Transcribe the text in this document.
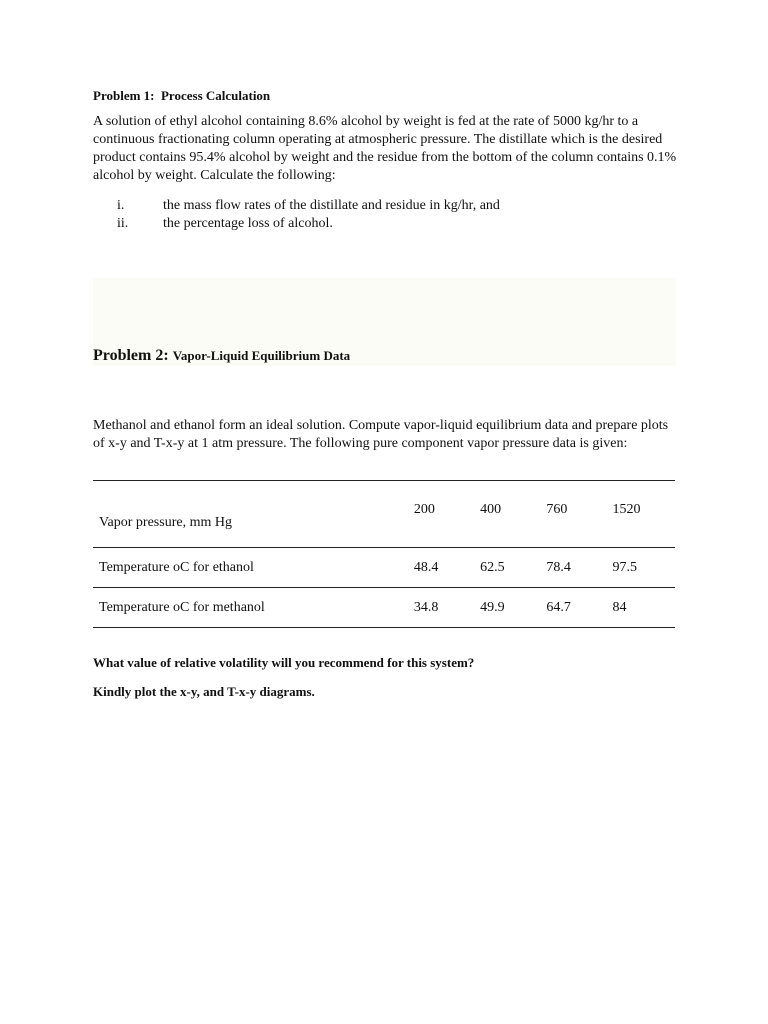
Problem 1:  Process Calculation

A solution of ethyl alcohol containing 8.6% alcohol by weight is fed at the rate of 5000 kg/hr to a continuous fractionating column operating at atmospheric pressure. The distillate which is the desired product contains 95.4% alcohol by weight and the residue from the bottom of the column contains 0.1% alcohol by weight. Calculate the following:

i.	the mass flow rates of the distillate and residue in kg/hr, and
ii.	the percentage loss of alcohol.
Problem 2: Vapor-Liquid Equilibrium Data

Methanol and ethanol form an ideal solution. Compute vapor-liquid equilibrium data and prepare plots of x-y and T-x-y at 1 atm pressure. The following pure component vapor pressure data is given:

Vapor pressure, mm Hg	200	400	760	1520
Temperature oC for ethanol	48.4	62.5	78.4	97.5
Temperature oC for methanol	34.8	49.9	64.7	84
What value of relative volatility will you recommend for this system?
Kindly plot the x-y, and T-x-y diagrams.
